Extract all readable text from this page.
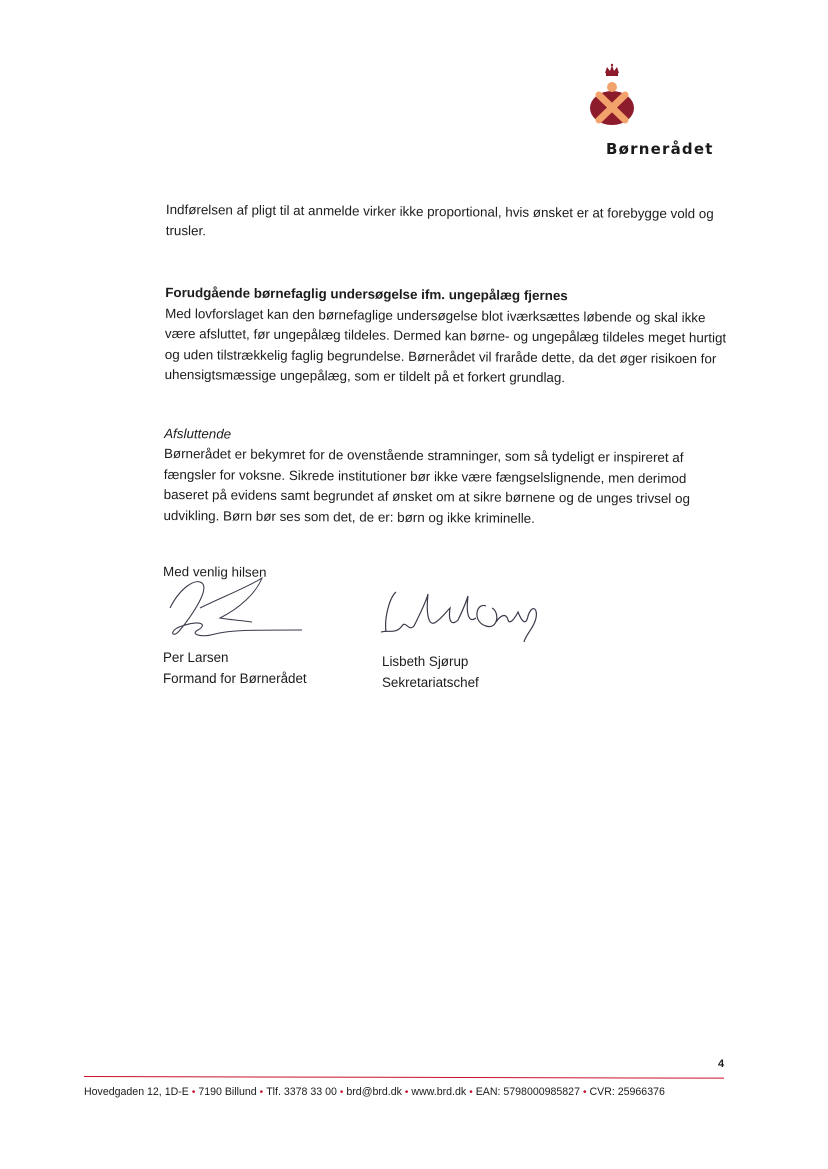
Børnerådet

Indførelsen af pligt til at anmelde virker ikke proportional, hvis ønsket er at forebygge vold og trusler.

Forudgående børnefaglig undersøgelse ifm. ungepålæg fjernes

Med lovforslaget kan den børnefaglige undersøgelse blot iværksættes løbende og skal ikke være afsluttet, før ungepålæg tildeles. Dermed kan børne- og ungepålæg tildeles meget hurtigt og uden tilstrækkelig faglig begrundelse. Børnerådet vil fraråde dette, da det øger risikoen for uhensigtsmæssige ungepålæg, som er tildelt på et forkert grundlag.

Afsluttende

Børnerådet er bekymret for de ovenstående stramninger, som så tydeligt er inspireret af fængsler for voksne. Sikrede institutioner bør ikke være fængselslignende, men derimod baseret på evidens samt begrundet af ønsket om at sikre børnene og de unges trivsel og udvikling. Børn bør ses som det, de er: børn og ikke kriminelle.

Med venlig hilsen

Per Larsen
Formand for Børnerådet
Lisbeth Sjørup
Sekretariatschef
4
Hovedgaden 12, 1D-E • 7190 Billund • Tlf. 3378 33 00 • brd@brd.dk • www.brd.dk • EAN: 5798000985827 • CVR: 25966376
